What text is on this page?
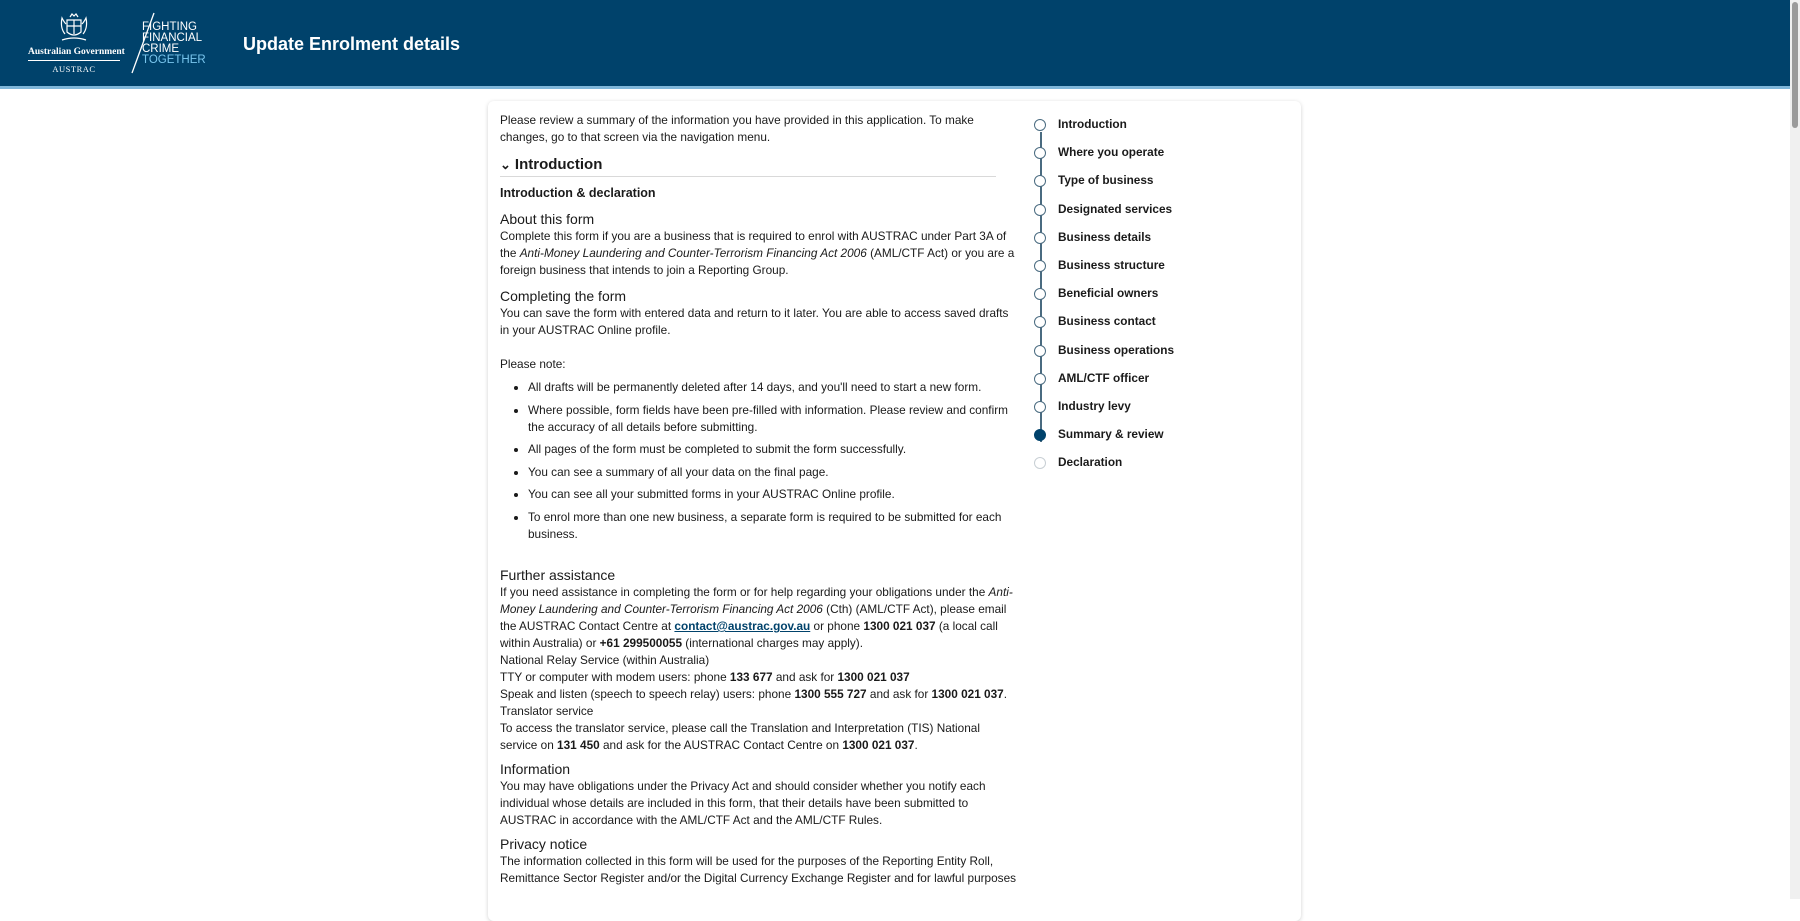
Australian Government
AUSTRAC
FIGHTING
FINANCIAL
CRIME
TOGETHER
Update Enrolment details

Please review a summary of the information you have provided in this application. To make changes, go to that screen via the navigation menu.

⌄ Introduction
Introduction & declaration
About this form

Complete this form if you are a business that is required to enrol with AUSTRAC under Part 3A of the Anti-Money Laundering and Counter-Terrorism Financing Act 2006 (AML/CTF Act) or you are a foreign business that intends to join a Reporting Group.

Completing the form

You can save the form with entered data and return to it later. You are able to access saved drafts in your AUSTRAC Online profile.

Please note:

• All drafts will be permanently deleted after 14 days, and you'll need to start a new form.
• Where possible, form fields have been pre-filled with information. Please review and confirm the accuracy of all details before submitting.
• All pages of the form must be completed to submit the form successfully.
• You can see a summary of all your data on the final page.
• You can see all your submitted forms in your AUSTRAC Online profile.
• To enrol more than one new business, a separate form is required to be submitted for each business.
Further assistance

If you need assistance in completing the form or for help regarding your obligations under the Anti-Money Laundering and Counter-Terrorism Financing Act 2006 (Cth) (AML/CTF Act), please email the AUSTRAC Contact Centre at contact@austrac.gov.au or phone 1300 021 037 (a local call within Australia) or +61 299500055 (international charges may apply).

National Relay Service (within Australia)

TTY or computer with modem users: phone 133 677 and ask for 1300 021 037

Speak and listen (speech to speech relay) users: phone 1300 555 727 and ask for 1300 021 037.

Translator service

To access the translator service, please call the Translation and Interpretation (TIS) National service on 131 450 and ask for the AUSTRAC Contact Centre on 1300 021 037.

Information

You may have obligations under the Privacy Act and should consider whether you notify each individual whose details are included in this form, that their details have been submitted to AUSTRAC in accordance with the AML/CTF Act and the AML/CTF Rules.

Privacy notice

The information collected in this form will be used for the purposes of the Reporting Entity Roll, Remittance Sector Register and/or the Digital Currency Exchange Register and for lawful purposes

Introduction
Where you operate
Type of business
Designated services
Business details
Business structure
Beneficial owners
Business contact
Business operations
AML/CTF officer
Industry levy
Summary & review
Declaration
